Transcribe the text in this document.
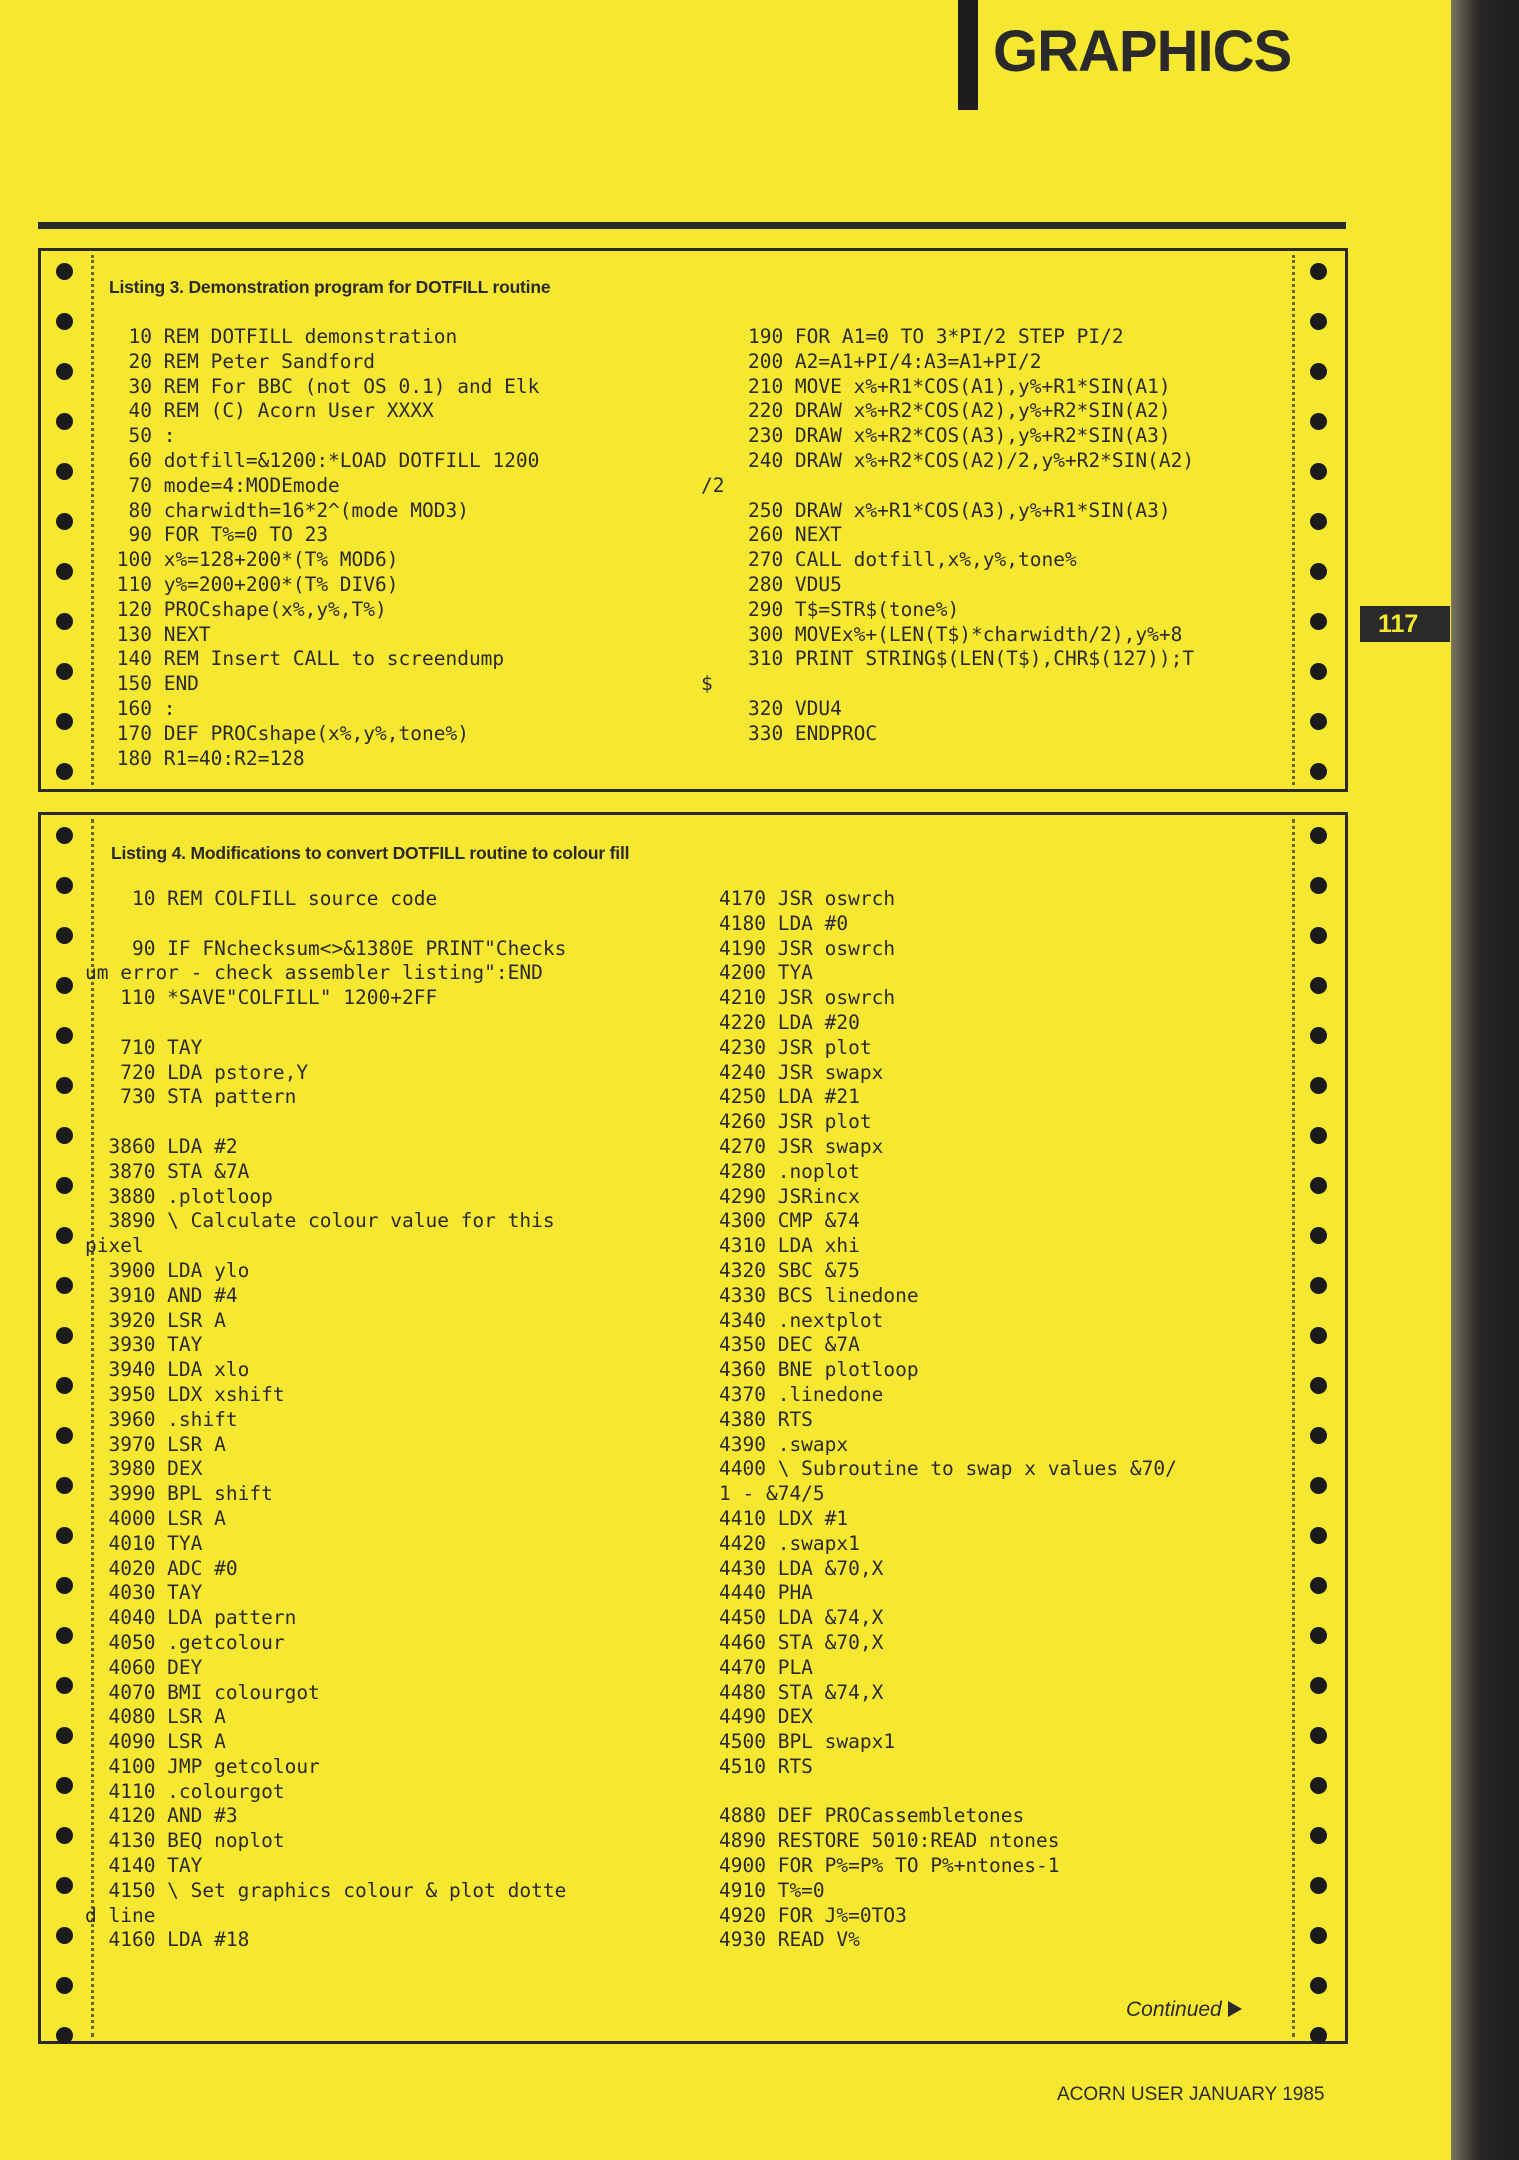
GRAPHICS
117
Listing 3. Demonstration program for DOTFILL routine
10 REM DOTFILL demonstration
20 REM Peter Sandford
30 REM For BBC (not OS 0.1) and Elk
40 REM (C) Acorn User XXXX
50 :
60 dotfill=&1200:*LOAD DOTFILL 1200
70 mode=4:MODEmode
80 charwidth=16*2^(mode MOD3)
90 FOR T%=0 TO 23
100 x%=128+200*(T% MOD6)
110 y%=200+200*(T% DIV6)
120 PROCshape(x%,y%,T%)
130 NEXT
140 REM Insert CALL to screendump
150 END
160 :
170 DEF PROCshape(x%,y%,tone%)
180 R1=40:R2=128
190 FOR A1=0 TO 3*PI/2 STEP PI/2
200 A2=A1+PI/4:A3=A1+PI/2
210 MOVE x%+R1*COS(A1),y%+R1*SIN(A1)
220 DRAW x%+R2*COS(A2),y%+R2*SIN(A2)
230 DRAW x%+R2*COS(A3),y%+R2*SIN(A3)
240 DRAW x%+R2*COS(A2)/2,y%+R2*SIN(A2)
/2
250 DRAW x%+R1*COS(A3),y%+R1*SIN(A3)
260 NEXT
270 CALL dotfill,x%,y%,tone%
280 VDU5
290 T$=STR$(tone%)
300 MOVEx%+(LEN(T$)*charwidth/2),y%+8
310 PRINT STRING$(LEN(T$),CHR$(127));T
$
320 VDU4
330 ENDPROC
Listing 4. Modifications to convert DOTFILL routine to colour fill
10 REM COLFILL source code

90 IF FNchecksum<>&1380E PRINT"Checks
um error - check assembler listing":END
110 *SAVE"COLFILL" 1200+2FF

710 TAY
720 LDA pstore,Y
730 STA pattern

3860 LDA #2
3870 STA &7A
3880 .plotloop
3890 \ Calculate colour value for this
pixel
3900 LDA ylo
3910 AND #4
3920 LSR A
3930 TAY
3940 LDA xlo
3950 LDX xshift
3960 .shift
3970 LSR A
3980 DEX
3990 BPL shift
4000 LSR A
4010 TYA
4020 ADC #0
4030 TAY
4040 LDA pattern
4050 .getcolour
4060 DEY
4070 BMI colourgot
4080 LSR A
4090 LSR A
4100 JMP getcolour
4110 .colourgot
4120 AND #3
4130 BEQ noplot
4140 TAY
4150 \ Set graphics colour & plot dotte
d line
4160 LDA #18
4170 JSR oswrch
4180 LDA #0
4190 JSR oswrch
4200 TYA
4210 JSR oswrch
4220 LDA #20
4230 JSR plot
4240 JSR swapx
4250 LDA #21
4260 JSR plot
4270 JSR swapx
4280 .noplot
4290 JSRincx
4300 CMP &74
4310 LDA xhi
4320 SBC &75
4330 BCS linedone
4340 .nextplot
4350 DEC &7A
4360 BNE plotloop
4370 .linedone
4380 RTS
4390 .swapx
4400 \ Subroutine to swap x values &70/
1 - &74/5
4410 LDX #1
4420 .swapx1
4430 LDA &70,X
4440 PHA
4450 LDA &74,X
4460 STA &70,X
4470 PLA
4480 STA &74,X
4490 DEX
4500 BPL swapx1
4510 RTS

4880 DEF PROCassembletones
4890 RESTORE 5010:READ ntones
4900 FOR P%=P% TO P%+ntones-1
4910 T%=0
4920 FOR J%=0TO3
4930 READ V%
Continued
ACORN USER JANUARY 1985
